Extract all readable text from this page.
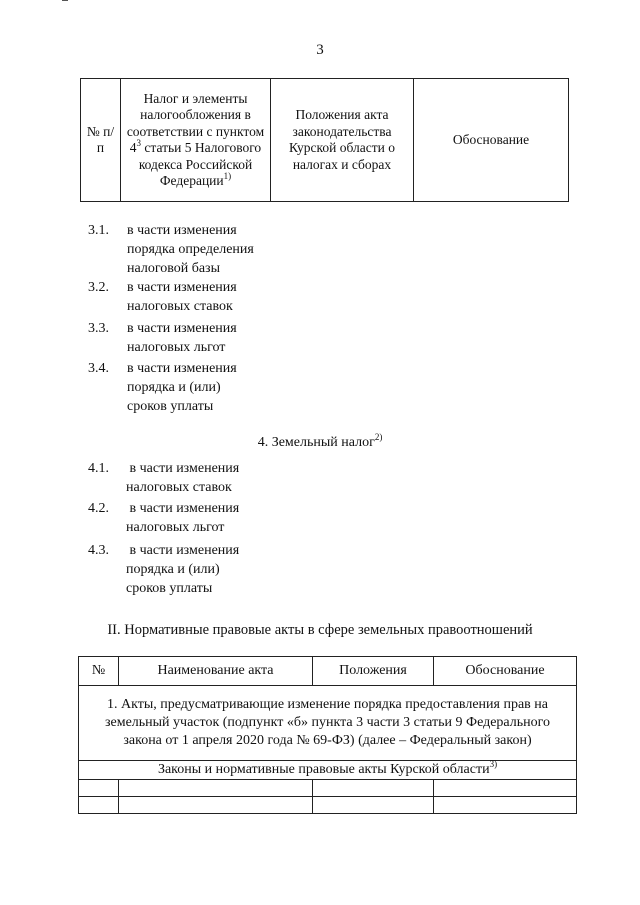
3
№ п/п	Налог и элементы налогообложения в соответствии с пунктом $4^3$ статьи 5 Налогового кодекса Российской Федерации$^{1)}$	Положения акта законодательства Курской области о налогах и сборах	Обоснование
3.1. в части изменения
порядка определения
налоговой базы
3.2. в части изменения
налоговых ставок
3.3. в части изменения
налоговых льгот
3.4. в части изменения
порядка и (или)
сроков уплаты
4. Земельный налог$^{2)}$
4.1. в части изменения
налоговых ставок
4.2. в части изменения
налоговых льгот
4.3. в части изменения
порядка и (или)
сроков уплаты
II. Нормативные правовые акты в сфере земельных правоотношений
№	Наименование акта	Положения	Обоснование
1. Акты, предусматривающие изменение порядка предоставления прав на земельный участок (подпункт «б» пункта 3 части 3 статьи 9 Федерального закона от 1 апреля 2020 года № 69-ФЗ) (далее – Федеральный закон)			
Законы и нормативные правовые акты Курской области$^{3)}$
